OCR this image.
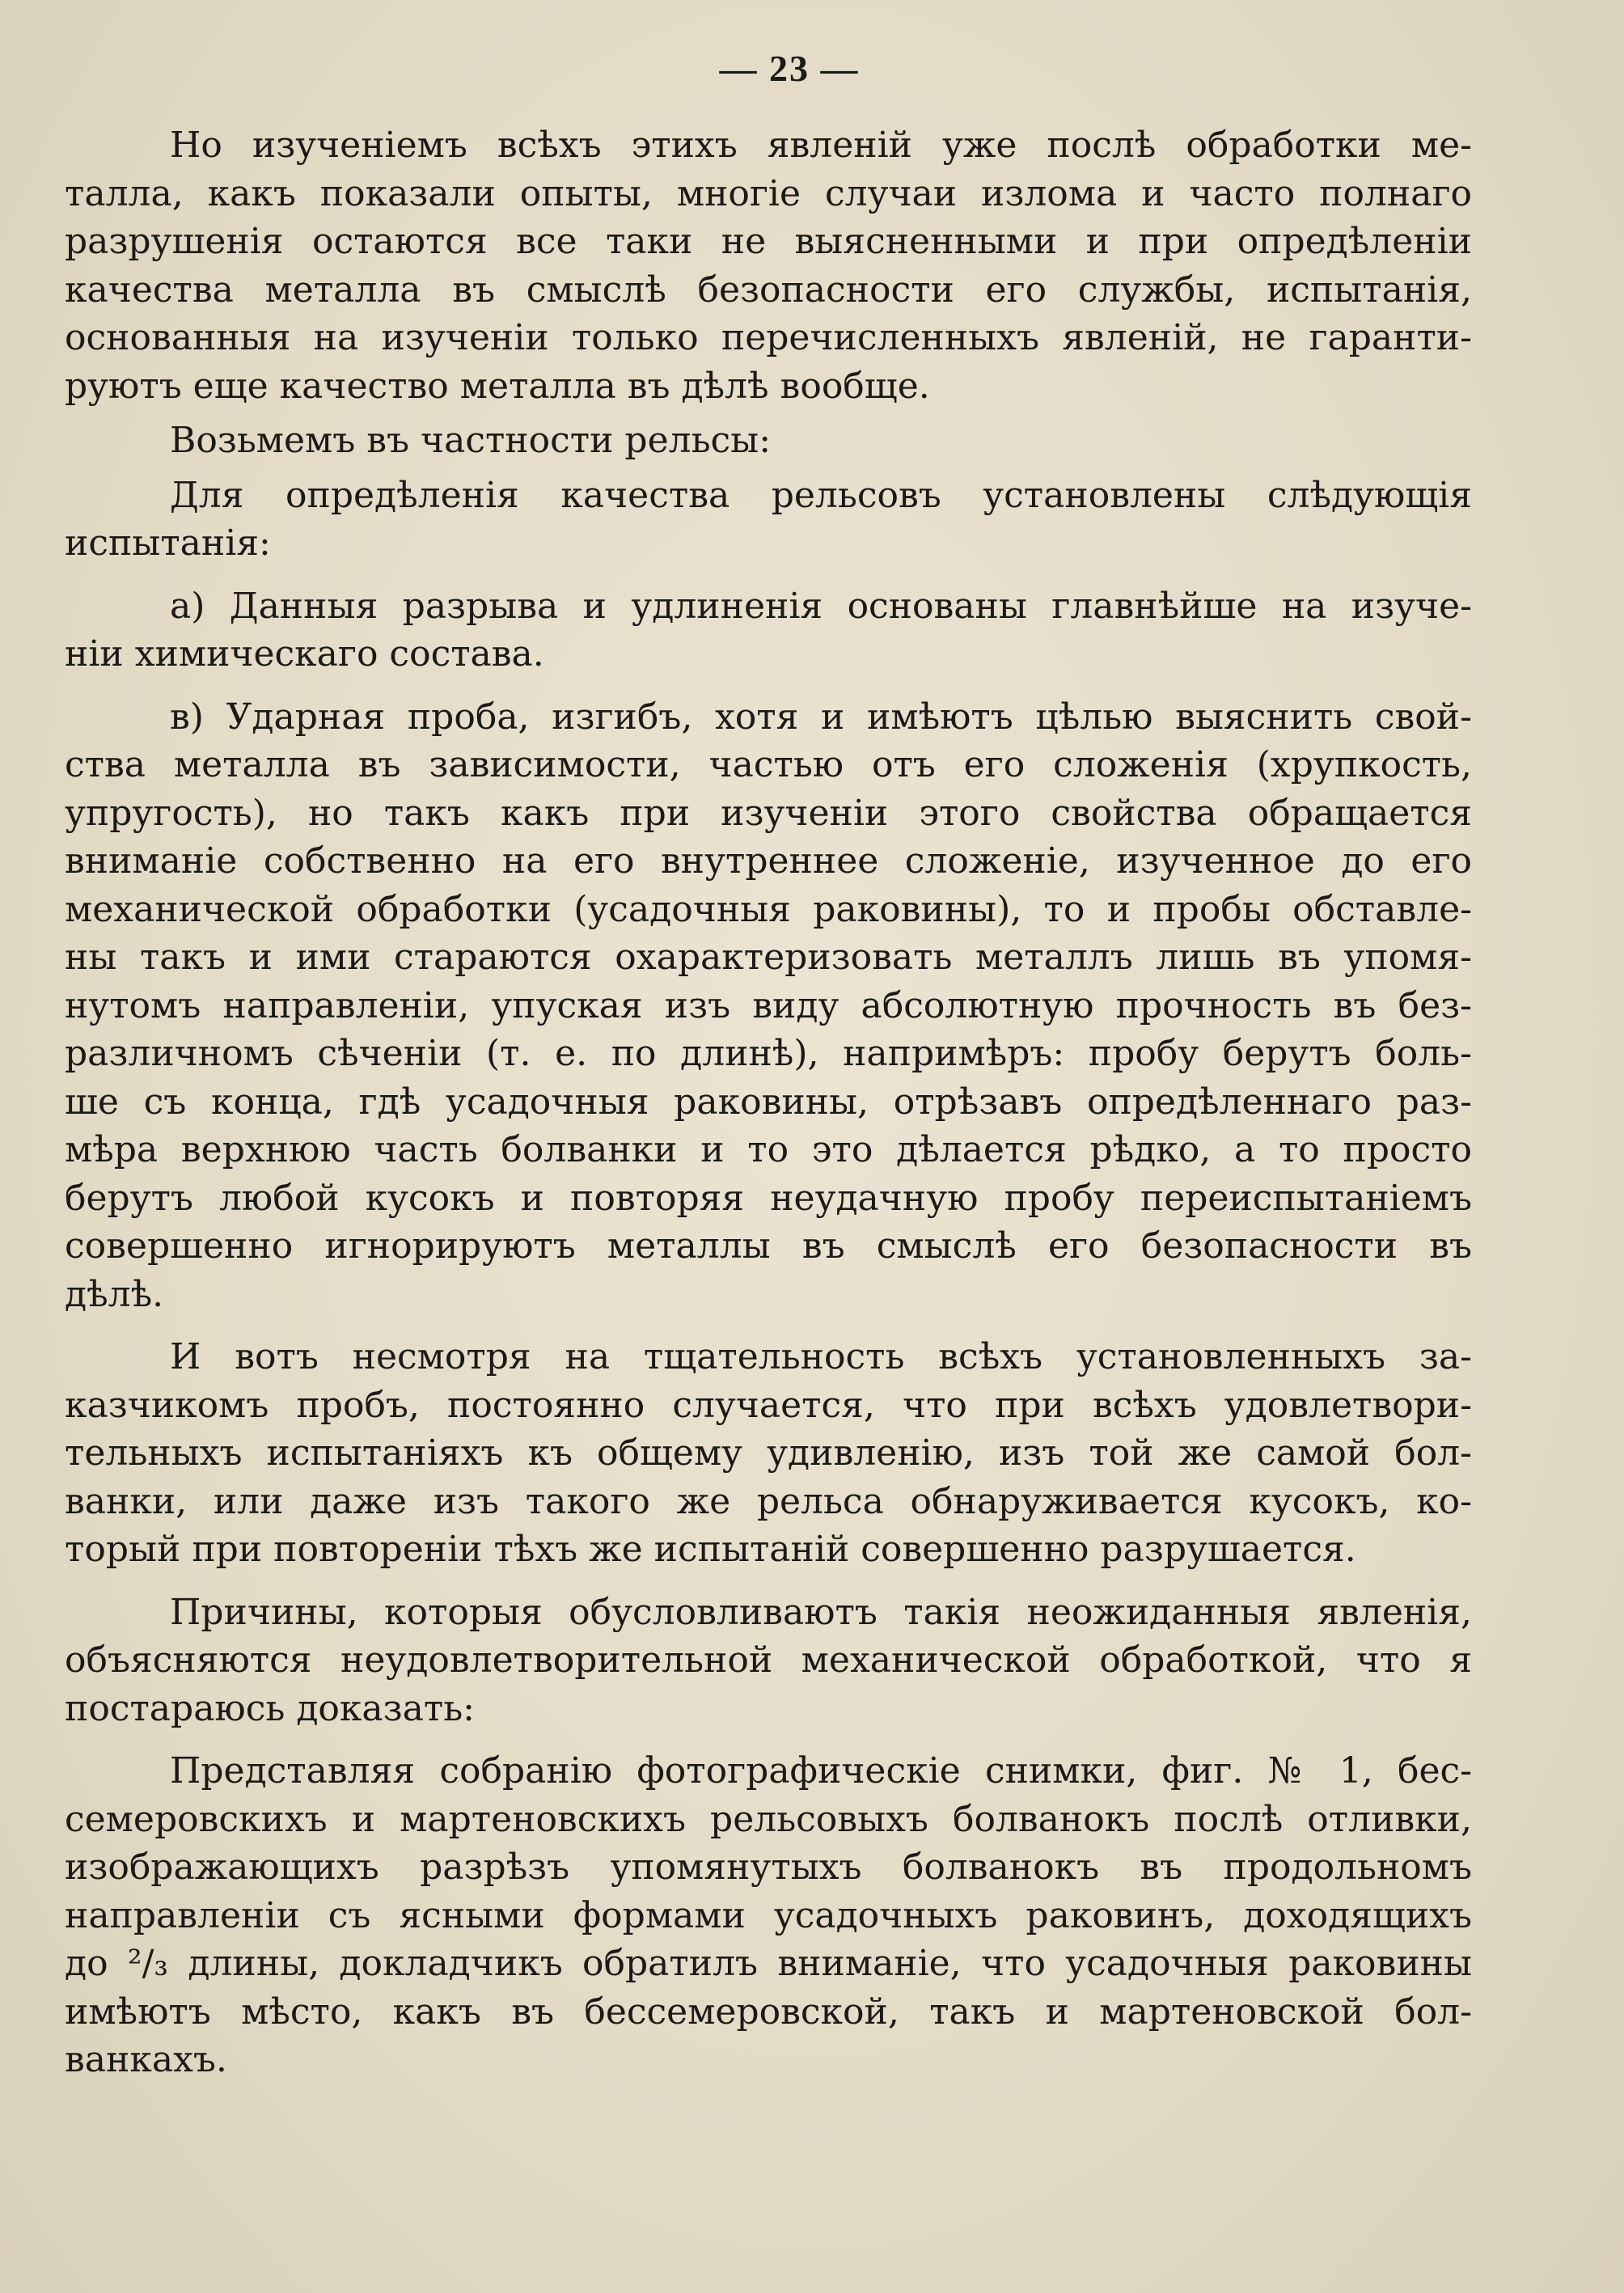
— 23 —
Но изученіемъ всѣхъ этихъ явленій уже послѣ обработки ме-
талла, какъ показали опыты, многіе случаи излома и часто полнаго
разрушенія остаются все таки не выясненными и при опредѣленіи
качества металла въ смыслѣ безопасности его службы, испытанія,
основанныя на изученіи только перечисленныхъ явленій, не гаранти-
руютъ еще качество металла въ дѣлѣ вообще.
Возьмемъ въ частности рельсы:
Для опредѣленія качества рельсовъ установлены слѣдующія
испытанія:
а) Данныя разрыва и удлиненія основаны главнѣйше на изуче-
ніи химическаго состава.
в) Ударная проба, изгибъ, хотя и имѣютъ цѣлью выяснить свой-
ства металла въ зависимости, частью отъ его сложенія (хрупкость,
упругость), но такъ какъ при изученіи этого свойства обращается
вниманіе собственно на его внутреннее сложеніе, изученное до его
механической обработки (усадочныя раковины), то и пробы обставле-
ны такъ и ими стараются охарактеризовать металлъ лишь въ упомя-
нутомъ направленіи, упуская изъ виду абсолютную прочность въ без-
различномъ сѣченіи (т. е. по длинѣ), напримѣръ: пробу берутъ боль-
ше съ конца, гдѣ усадочныя раковины, отрѣзавъ опредѣленнаго раз-
мѣра верхнюю часть болванки и то это дѣлается рѣдко, а то просто
берутъ любой кусокъ и повторяя неудачную пробу переиспытаніемъ
совершенно игнорируютъ металлы въ смыслѣ его безопасности въ
дѣлѣ.
И вотъ несмотря на тщательность всѣхъ установленныхъ за-
казчикомъ пробъ, постоянно случается, что при всѣхъ удовлетвори-
тельныхъ испытаніяхъ къ общему удивленію, изъ той же самой бол-
ванки, или даже изъ такого же рельса обнаруживается кусокъ, ко-
торый при повтореніи тѣхъ же испытаній совершенно разрушается.
Причины, которыя обусловливаютъ такія неожиданныя явленія,
объясняются неудовлетворительной механической обработкой, что я
постараюсь доказать:
Представляя собранію фотографическіе снимки, фиг. № 1, бес-
семеровскихъ и мартеновскихъ рельсовыхъ болванокъ послѣ отливки,
изображающихъ разрѣзъ упомянутыхъ болванокъ въ продольномъ
направленіи съ ясными формами усадочныхъ раковинъ, доходящихъ
до ²/₃ длины, докладчикъ обратилъ вниманіе, что усадочныя раковины
имѣютъ мѣсто, какъ въ бессемеровской, такъ и мартеновской бол-
ванкахъ.
